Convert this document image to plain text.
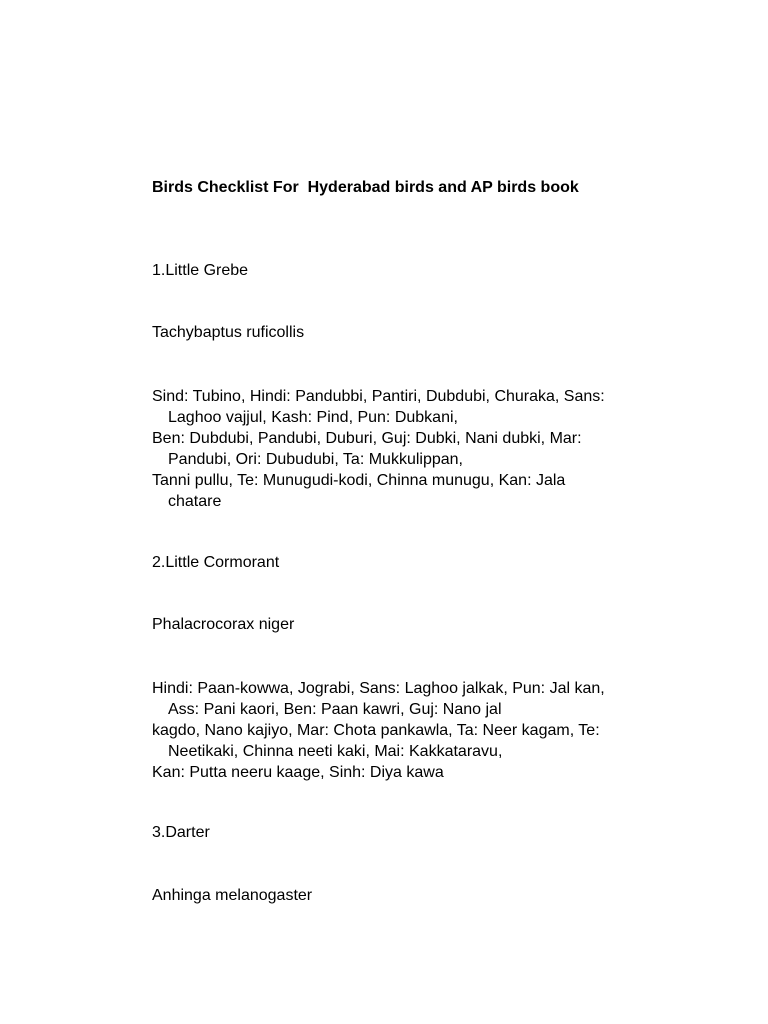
Birds Checklist For  Hyderabad birds and AP birds book
1.Little Grebe
Tachybaptus ruficollis
Sind: Tubino, Hindi: Pandubbi, Pantiri, Dubdubi, Churaka, Sans:
Laghoo vajjul, Kash: Pind, Pun: Dubkani,
Ben: Dubdubi, Pandubi, Duburi, Guj: Dubki, Nani dubki, Mar:
Pandubi, Ori: Dubudubi, Ta: Mukkulippan,
Tanni pullu, Te: Munugudi-kodi, Chinna munugu, Kan: Jala
chatare
2.Little Cormorant
Phalacrocorax niger
Hindi: Paan-kowwa, Jograbi, Sans: Laghoo jalkak, Pun: Jal kan,
Ass: Pani kaori, Ben: Paan kawri, Guj: Nano jal
kagdo, Nano kajiyo, Mar: Chota pankawla, Ta: Neer kagam, Te:
Neetikaki, Chinna neeti kaki, Mai: Kakkataravu,
Kan: Putta neeru kaage, Sinh: Diya kawa
3.Darter
Anhinga melanogaster
